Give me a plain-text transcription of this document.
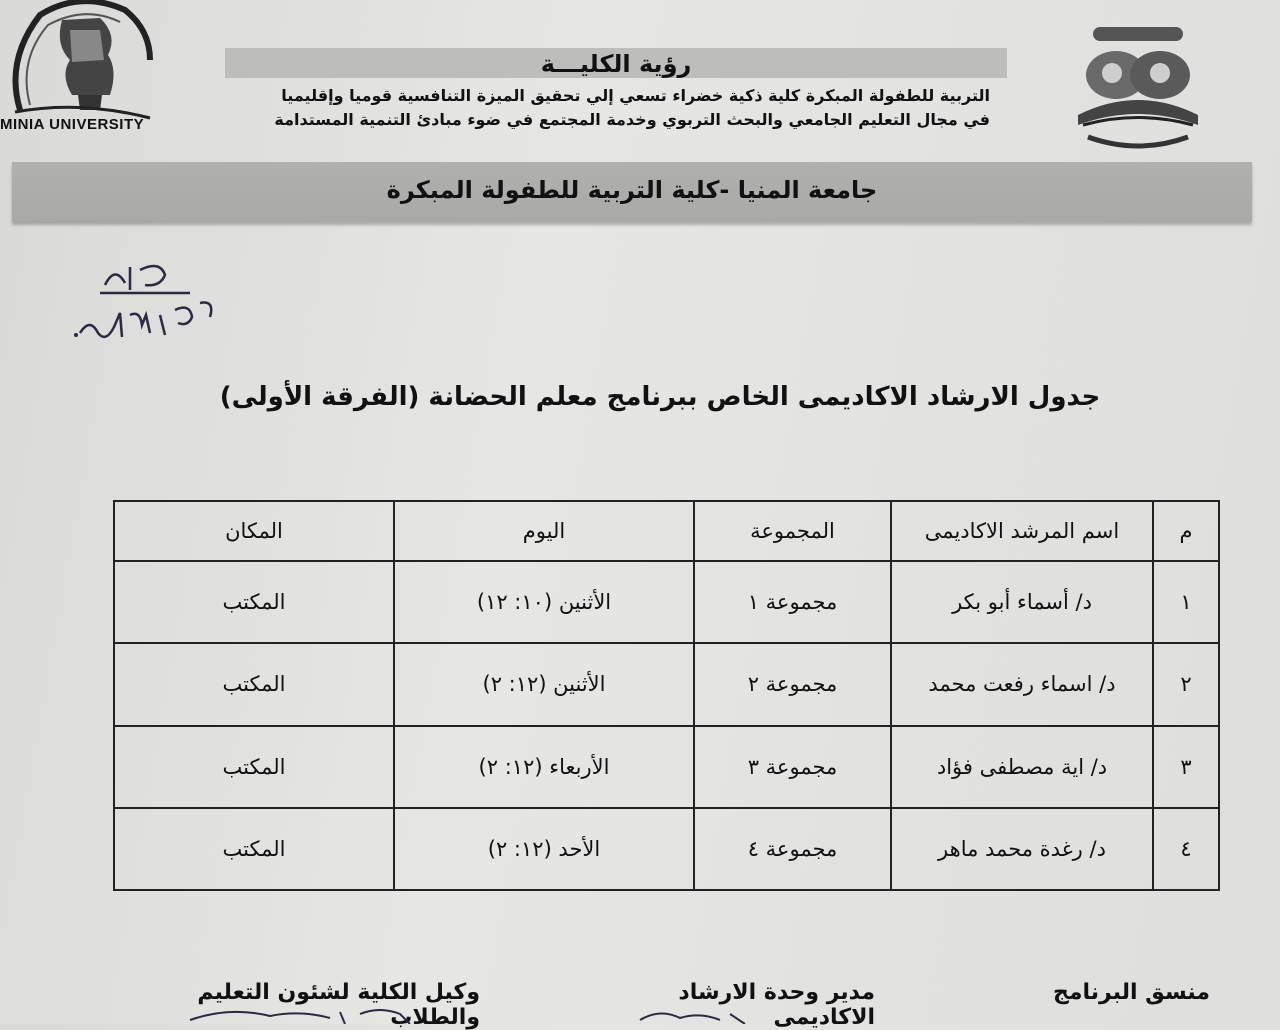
MINIA UNIVERSITY
رؤية الكليـــة
التربية للطفولة المبكرة كلية ذكية خضراء تسعي إلي تحقيق الميزة التنافسية قوميا وإقليميا في مجال التعليم الجامعي والبحث التربوي وخدمة المجتمع في ضوء مبادئ التنمية المستدامة
جامعة المنيا -كلية التربية للطفولة المبكرة
جدول الارشاد الاكاديمى الخاص ببرنامج معلم الحضانة (الفرقة الأولى)
م	اسم المرشد الاكاديمى	المجموعة	اليوم	المكان
١	د/ أسماء أبو بكر	مجموعة ١	الأثنين (١٠: ١٢)	المكتب
٢	د/ اسماء رفعت محمد	مجموعة ٢	الأثنين (١٢: ٢)	المكتب
٣	د/ اية مصطفى فؤاد	مجموعة ٣	الأربعاء (١٢: ٢)	المكتب
٤	د/ رغدة محمد ماهر	مجموعة ٤	الأحد (١٢: ٢)	المكتب
منسق البرنامج
مدير وحدة الارشاد الاكاديمى
وكيل الكلية لشئون التعليم والطلاب
